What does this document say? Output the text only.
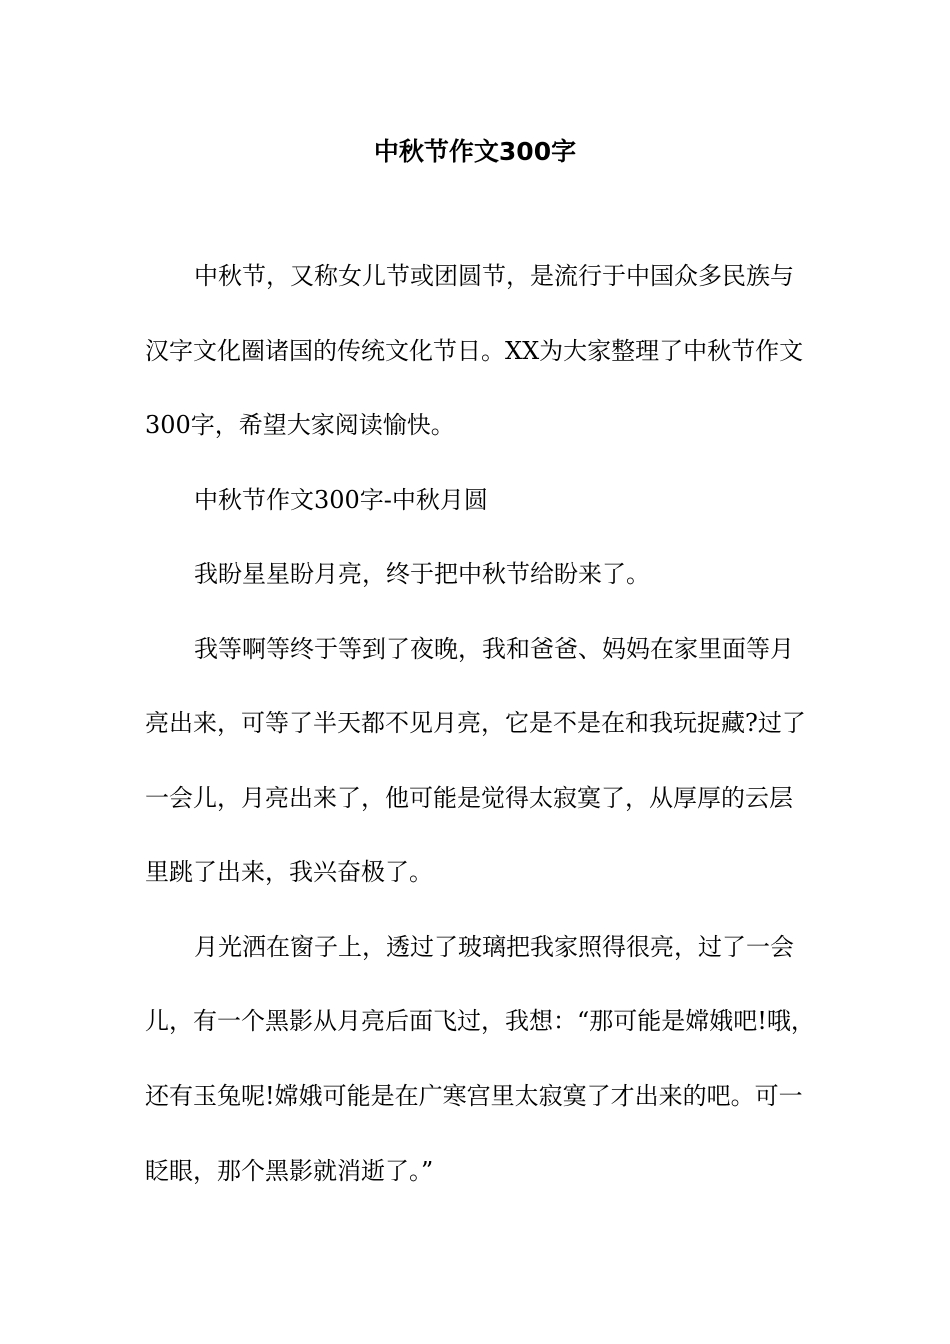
中秋节作文300字

中秋节，又称女儿节或团圆节，是流行于中国众多民族与

汉字文化圈诸国的传统文化节日。XX为大家整理了中秋节作文

300字，希望大家阅读愉快。

中秋节作文300字-中秋月圆

我盼星星盼月亮，终于把中秋节给盼来了。

我等啊等终于等到了夜晚，我和爸爸、妈妈在家里面等月

亮出来，可等了半天都不见月亮，它是不是在和我玩捉藏?过了

一会儿，月亮出来了，他可能是觉得太寂寞了，从厚厚的云层

里跳了出来，我兴奋极了。

月光洒在窗子上，透过了玻璃把我家照得很亮，过了一会

儿，有一个黑影从月亮后面飞过，我想：“那可能是嫦娥吧!哦，

还有玉兔呢!嫦娥可能是在广寒宫里太寂寞了才出来的吧。可一

眨眼，那个黑影就消逝了。”
